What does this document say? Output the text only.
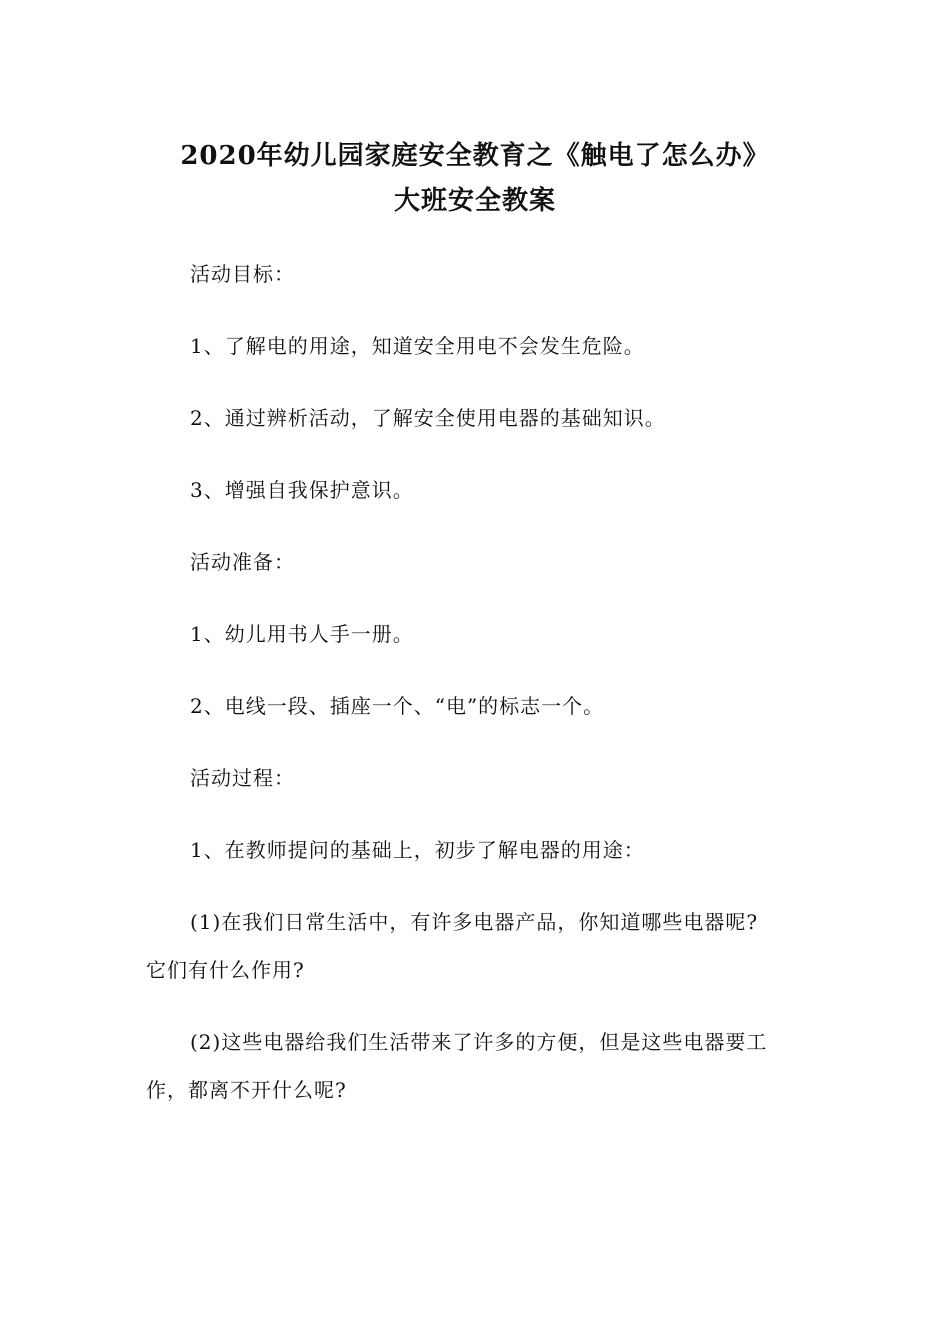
2020年幼儿园家庭安全教育之《触电了怎么办》
大班安全教案
活动目标：
1、了解电的用途，知道安全用电不会发生危险。
2、通过辨析活动，了解安全使用电器的基础知识。
3、增强自我保护意识。
活动准备：
1、幼儿用书人手一册。
2、电线一段、插座一个、“电”的标志一个。
活动过程：
1、在教师提问的基础上，初步了解电器的用途：
(1)在我们日常生活中，有许多电器产品，你知道哪些电器呢?
它们有什么作用?
(2)这些电器给我们生活带来了许多的方便，但是这些电器要工
作，都离不开什么呢?
